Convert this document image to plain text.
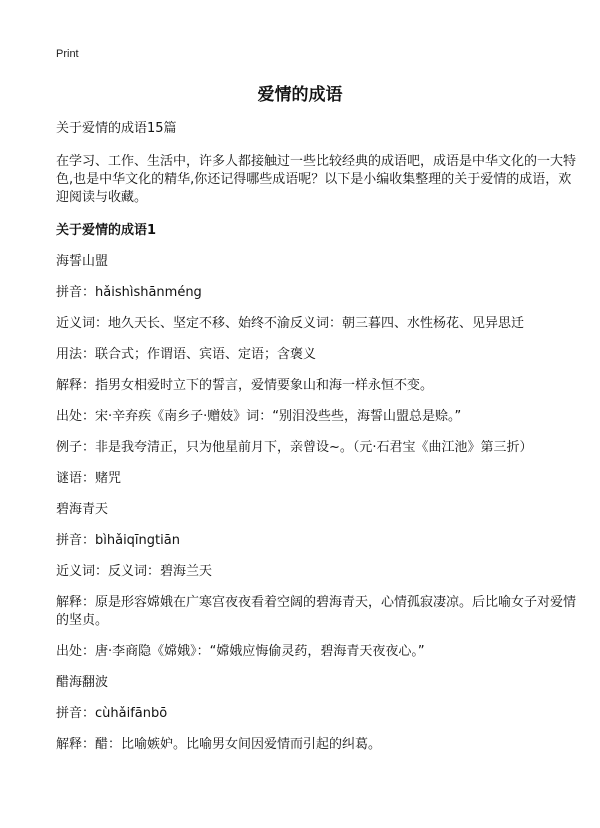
Print
爱情的成语

关于爱情的成语15篇

在学习、工作、生活中，许多人都接触过一些比较经典的成语吧，成语是中华文化的一大特色,也是中华文化的精华,你还记得哪些成语呢？以下是小编收集整理的关于爱情的成语，欢迎阅读与收藏。

关于爱情的成语1

海誓山盟

拼音：hǎishìshānméng

近义词：地久天长、坚定不移、始终不渝反义词：朝三暮四、水性杨花、见异思迁

用法：联合式；作谓语、宾语、定语；含褒义

解释：指男女相爱时立下的誓言，爱情要象山和海一样永恒不变。

出处：宋·辛弃疾《南乡子·赠妓》词：“别泪没些些，海誓山盟总是赊。”

例子：非是我夸清正，只为他星前月下，亲曾设~。（元·石君宝《曲江池》第三折）

谜语：赌咒

碧海青天

拼音：bìhǎiqīngtiān

近义词：反义词：碧海兰天

解释：原是形容嫦娥在广寒宫夜夜看着空阔的碧海青天，心情孤寂凄凉。后比喻女子对爱情的坚贞。

出处：唐·李商隐《嫦娥》：“嫦娥应悔偷灵药，碧海青天夜夜心。”

醋海翻波

拼音：cùhǎifānbō

解释：醋：比喻嫉妒。比喻男女间因爱情而引起的纠葛。
